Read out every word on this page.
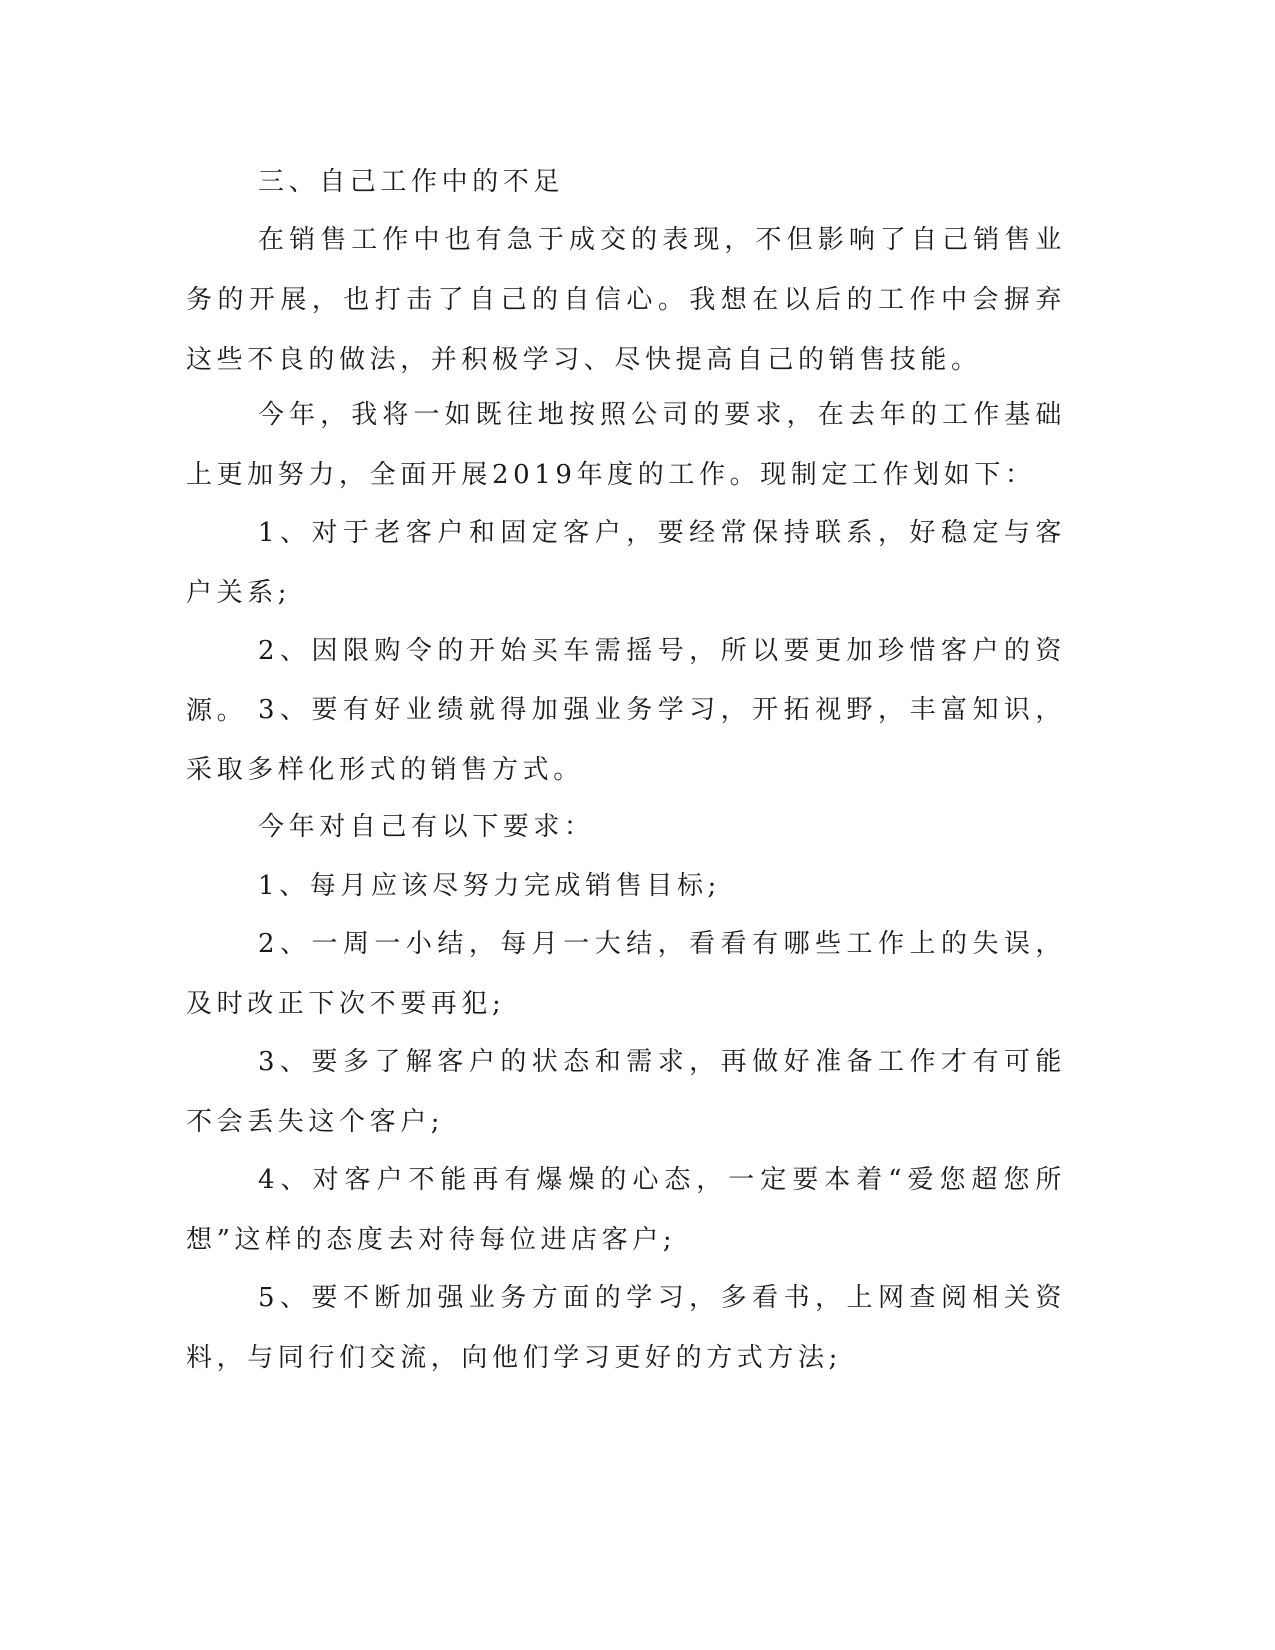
三、自己工作中的不足

在销售工作中也有急于成交的表现，不但影响了自己销售业务的开展，也打击了自己的自信心。我想在以后的工作中会摒弃这些不良的做法，并积极学习、尽快提高自己的销售技能。

今年，我将一如既往地按照公司的要求，在去年的工作基础上更加努力，全面开展2019年度的工作。现制定工作划如下：

1、对于老客户和固定客户，要经常保持联系，好稳定与客户关系;

2、因限购令的开始买车需摇号，所以要更加珍惜客户的资源。 3、要有好业绩就得加强业务学习，开拓视野，丰富知识，采取多样化形式的销售方式。

今年对自己有以下要求：

1、每月应该尽努力完成销售目标;

2、一周一小结，每月一大结，看看有哪些工作上的失误，及时改正下次不要再犯;

3、要多了解客户的状态和需求，再做好准备工作才有可能不会丢失这个客户;

4、对客户不能再有爆燥的心态，一定要本着“爱您超您所想”这样的态度去对待每位进店客户;

5、要不断加强业务方面的学习，多看书，上网查阅相关资料，与同行们交流，向他们学习更好的方式方法;
